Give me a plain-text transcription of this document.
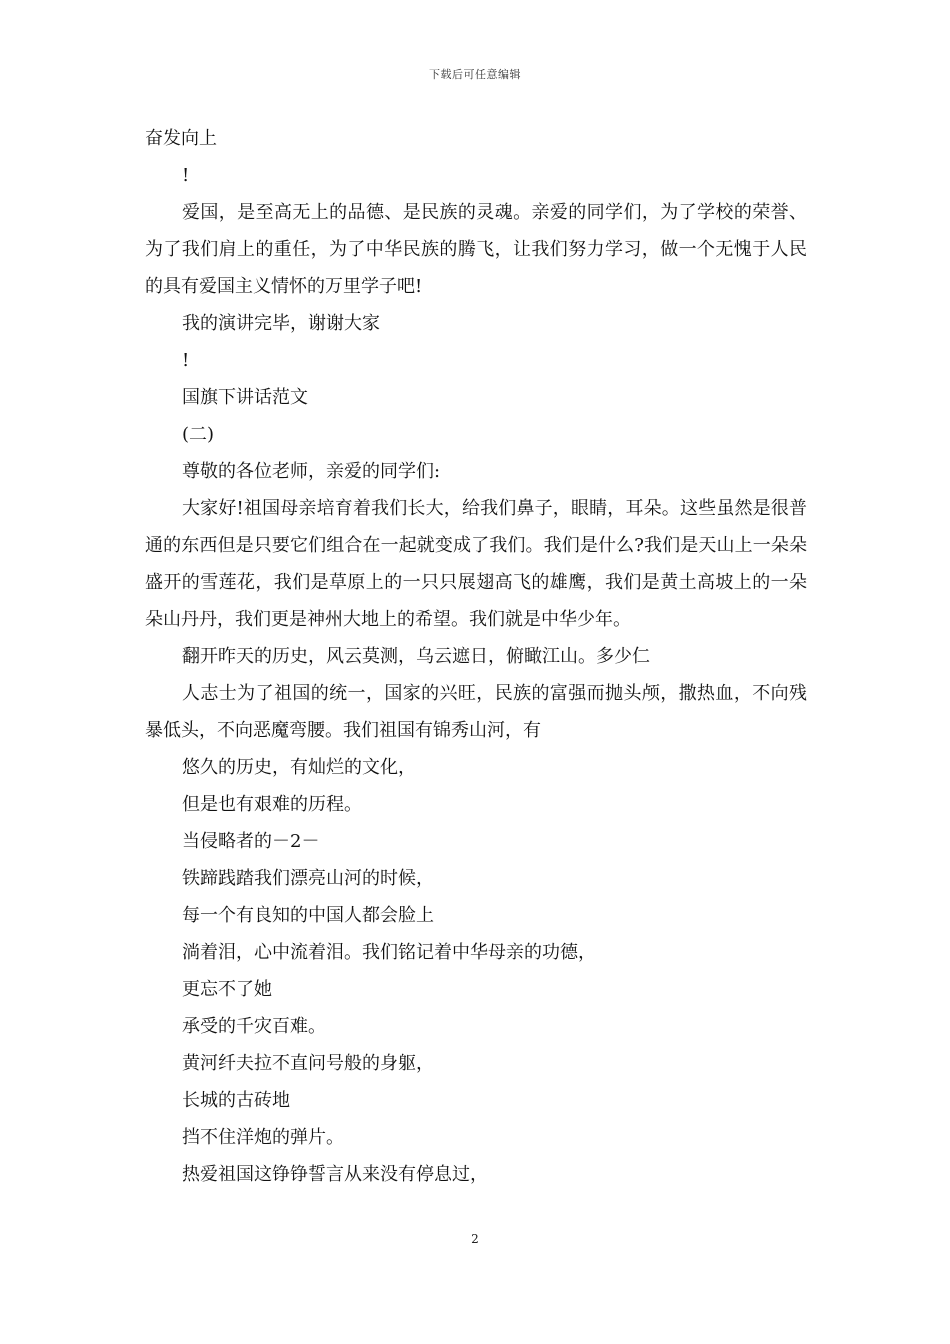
下载后可任意编辑

奋发向上

!

爱国，是至高无上的品德、是民族的灵魂。亲爱的同学们，为了学校的荣誉、为了我们肩上的重任，为了中华民族的腾飞，让我们努力学习，做一个无愧于人民的具有爱国主义情怀的万里学子吧!

我的演讲完毕，谢谢大家

!

国旗下讲话范文

(二)

尊敬的各位老师，亲爱的同学们:

大家好!祖国母亲培育着我们长大，给我们鼻子，眼睛，耳朵。这些虽然是很普通的东西但是只要它们组合在一起就变成了我们。我们是什么?我们是天山上一朵朵盛开的雪莲花，我们是草原上的一只只展翅高飞的雄鹰，我们是黄土高坡上的一朵朵山丹丹，我们更是神州大地上的希望。我们就是中华少年。

翻开昨天的历史，风云莫测，乌云遮日，俯瞰江山。多少仁

人志士为了祖国的统一，国家的兴旺，民族的富强而抛头颅，撒热血，不向残暴低头，不向恶魔弯腰。我们祖国有锦秀山河，有

悠久的历史，有灿烂的文化，

但是也有艰难的历程。

当侵略者的－2－

铁蹄践踏我们漂亮山河的时候，

每一个有良知的中国人都会脸上

淌着泪，心中流着泪。我们铭记着中华母亲的功德，

更忘不了她

承受的千灾百难。

黄河纤夫拉不直问号般的身躯，

长城的古砖地

挡不住洋炮的弹片。

热爱祖国这铮铮誓言从来没有停息过，

2
